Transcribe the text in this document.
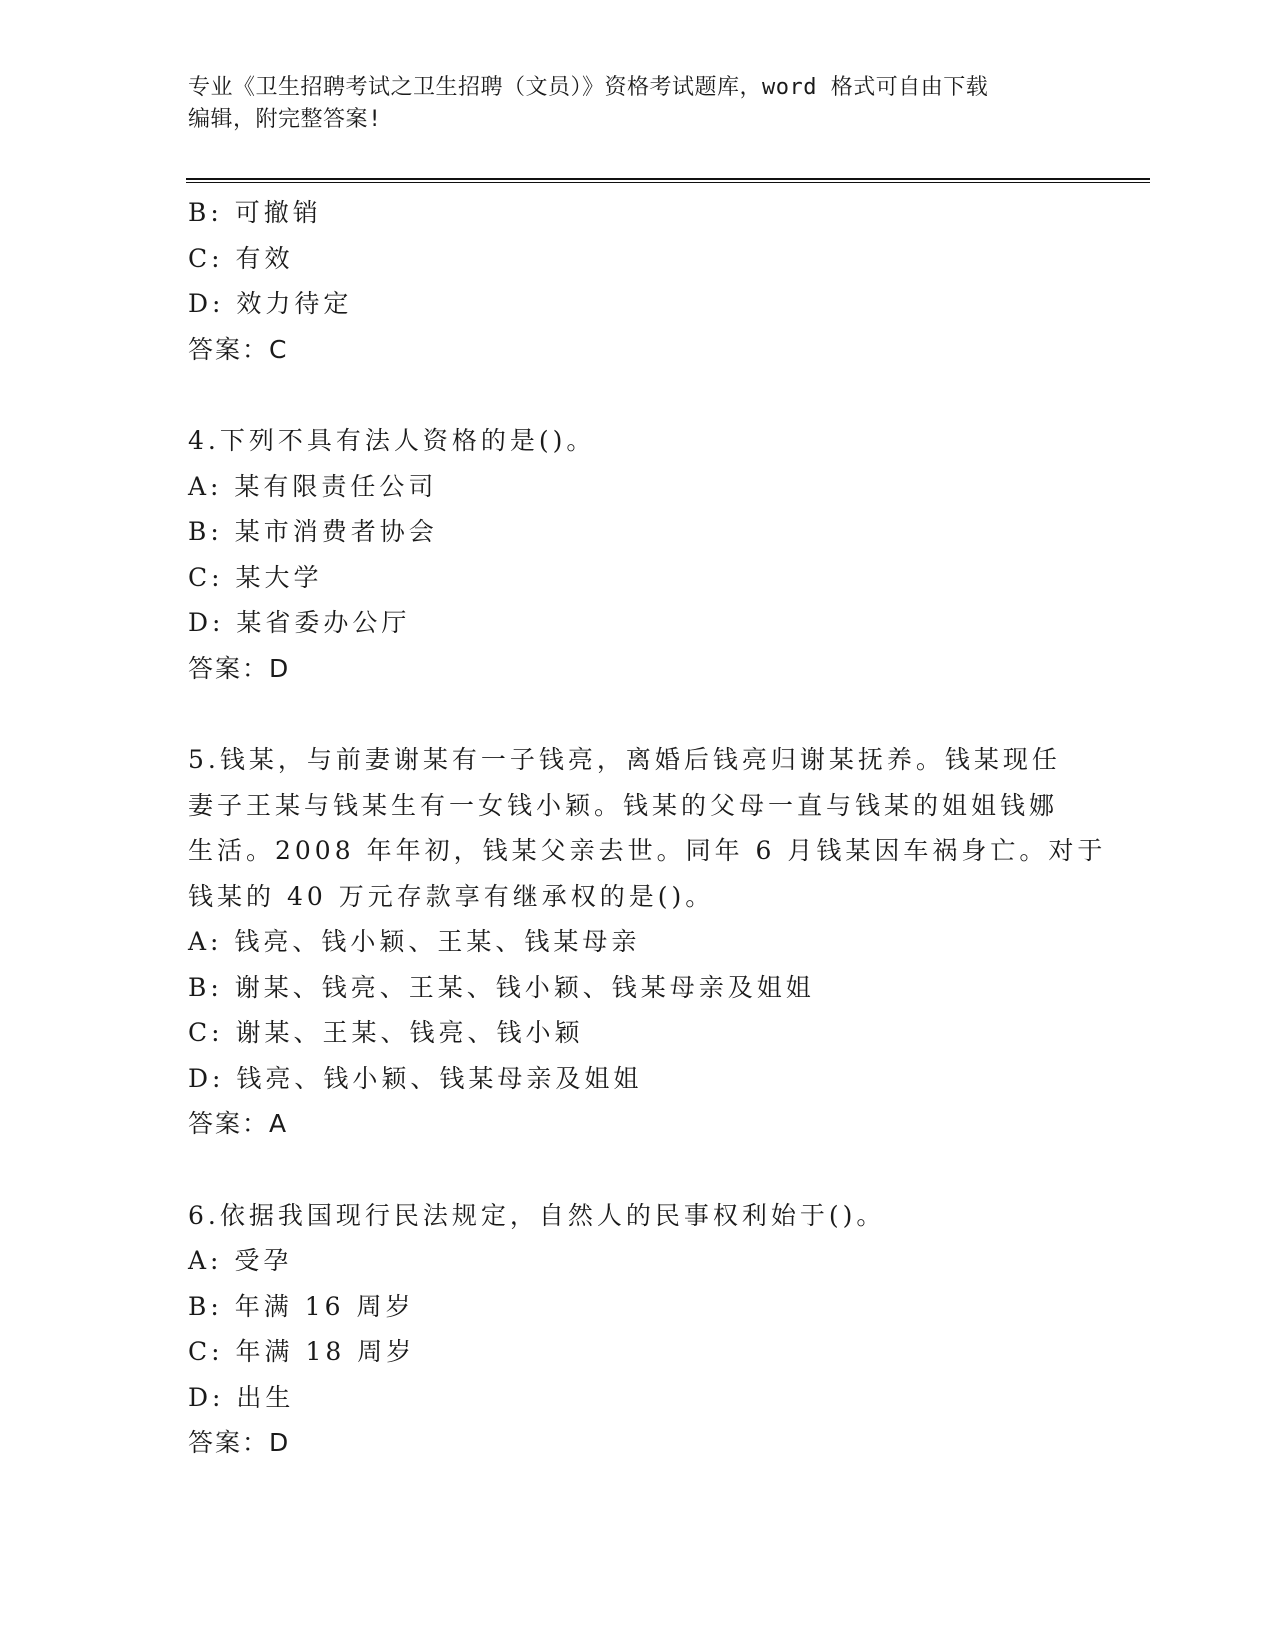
专业《卫生招聘考试之卫生招聘（文员）》资格考试题库，word 格式可自由下载
编辑，附完整答案!
B: 可撤销
C: 有效
D: 效力待定
答案：C
4.下列不具有法人资格的是()。
A: 某有限责任公司
B: 某市消费者协会
C: 某大学
D: 某省委办公厅
答案：D
5.钱某，与前妻谢某有一子钱亮，离婚后钱亮归谢某抚养。钱某现任
妻子王某与钱某生有一女钱小颖。钱某的父母一直与钱某的姐姐钱娜
生活。2008 年年初，钱某父亲去世。同年 6 月钱某因车祸身亡。对于
钱某的 40 万元存款享有继承权的是()。
A: 钱亮、钱小颖、王某、钱某母亲
B: 谢某、钱亮、王某、钱小颖、钱某母亲及姐姐
C: 谢某、王某、钱亮、钱小颖
D: 钱亮、钱小颖、钱某母亲及姐姐
答案：A
6.依据我国现行民法规定，自然人的民事权利始于()。
A: 受孕
B: 年满 16 周岁
C: 年满 18 周岁
D: 出生
答案：D
